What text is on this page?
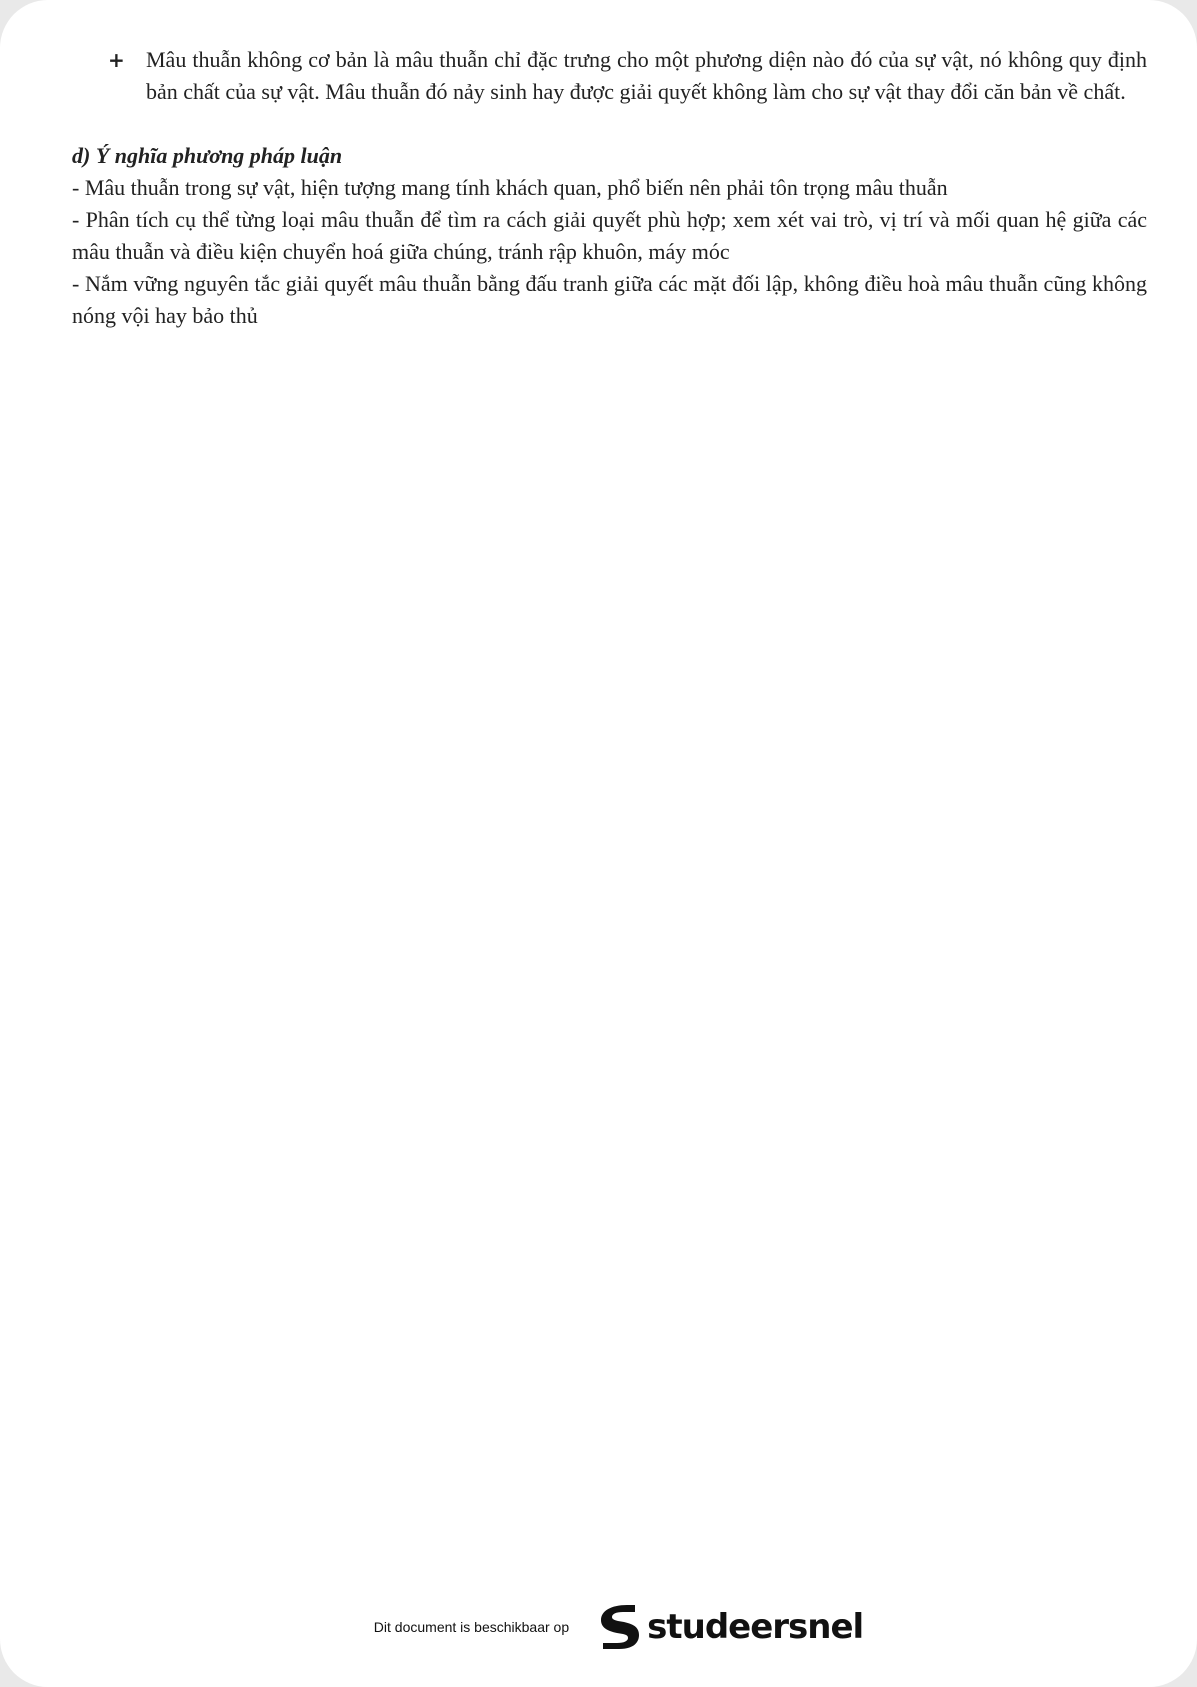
+ Mâu thuẫn không cơ bản là mâu thuẫn chỉ đặc trưng cho một phương diện nào đó của sự vật, nó không quy định bản chất của sự vật. Mâu thuẫn đó nảy sinh hay được giải quyết không làm cho sự vật thay đổi căn bản về chất.
d) Ý nghĩa phương pháp luận
- Mâu thuẫn trong sự vật, hiện tượng mang tính khách quan, phổ biến nên phải tôn trọng mâu thuẫn
- Phân tích cụ thể từng loại mâu thuẫn để tìm ra cách giải quyết phù hợp; xem xét vai trò, vị trí và mối quan hệ giữa các mâu thuẫn và điều kiện chuyển hoá giữa chúng, tránh rập khuôn, máy móc
- Nắm vững nguyên tắc giải quyết mâu thuẫn bằng đấu tranh giữa các mặt đối lập, không điều hoà mâu thuẫn cũng không nóng vội hay bảo thủ
Dit document is beschikbaar op studeersnel
